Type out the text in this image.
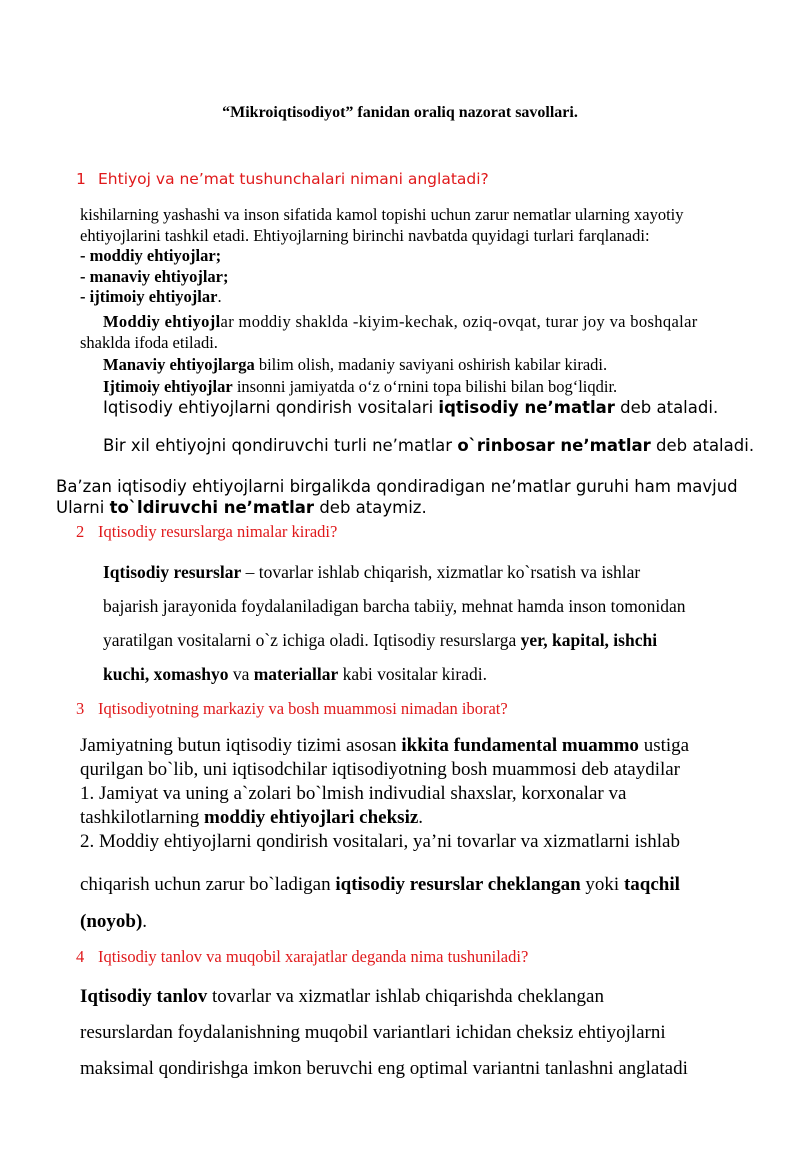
“Mikroiqtisodiyot” fanidan oraliq nazorat savollari.
1 Ehtiyoj va neʼmat tushunchalari nimani anglatadi?
kishilarning yashashi va inson sifatida kamol topishi uchun zarur nematlar ularning xayotiy
ehtiyojlarini tashkil etadi. Ehtiyojlarning birinchi navbatda quyidagi turlari farqlanadi:
- moddiy ehtiyojlar;
- manaviy ehtiyojlar;
- ijtimoiy ehtiyojlar.
Moddiy ehtiyojlar moddiy shaklda -kiyim-kechak, oziq-ovqat, turar joy va boshqalar
shaklda ifoda etiladi.
Manaviy ehtiyojlarga bilim olish, madaniy saviyani oshirish kabilar kiradi.
Ijtimoiy ehtiyojlar insonni jamiyatda o‘z o‘rnini topa bilishi bilan bog‘liqdir.
Iqtisodiy ehtiyojlarni qondirish vositalari iqtisodiy neʼmatlar deb ataladi.
Bir xil ehtiyojni qondiruvchi turli neʼmatlar o`rinbosar neʼmatlar deb ataladi.
Baʼzan iqtisodiy ehtiyojlarni birgalikda qondiradigan neʼmatlar guruhi ham mavjud
Ularni to`ldiruvchi neʼmatlar deb ataymiz.
2 Iqtisodiy resurslarga nimalar kiradi?
Iqtisodiy resurslar – tovarlar ishlab chiqarish, xizmatlar ko`rsatish va ishlar
bajarish jarayonida foydalaniladigan barcha tabiiy, mehnat hamda inson tomonidan
yaratilgan vositalarni o`z ichiga oladi. Iqtisodiy resurslarga yer, kapital, ishchi
kuchi, xomashyo va materiallar kabi vositalar kiradi.
3 Iqtisodiyotning markaziy va bosh muammosi nimadan iborat?
Jamiyatning butun iqtisodiy tizimi asosan ikkita fundamental muammo ustiga
qurilgan bo`lib, uni iqtisodchilar iqtisodiyotning bosh muammosi deb ataydilar
1. Jamiyat va uning a`zolari bo`lmish indivudial shaxslar, korxonalar va
tashkilotlarning moddiy ehtiyojlari cheksiz.
2. Moddiy ehtiyojlarni qondirish vositalari, yaʼni tovarlar va xizmatlarni ishlab
chiqarish uchun zarur bo`ladigan iqtisodiy resurslar cheklangan yoki taqchil
(noyob).
4 Iqtisodiy tanlov va muqobil xarajatlar deganda nima tushuniladi?
Iqtisodiy tanlov tovarlar va xizmatlar ishlab chiqarishda cheklangan
resurslardan foydalanishning muqobil variantlari ichidan cheksiz ehtiyojlarni
maksimal qondirishga imkon beruvchi eng optimal variantni tanlashni anglatadi
